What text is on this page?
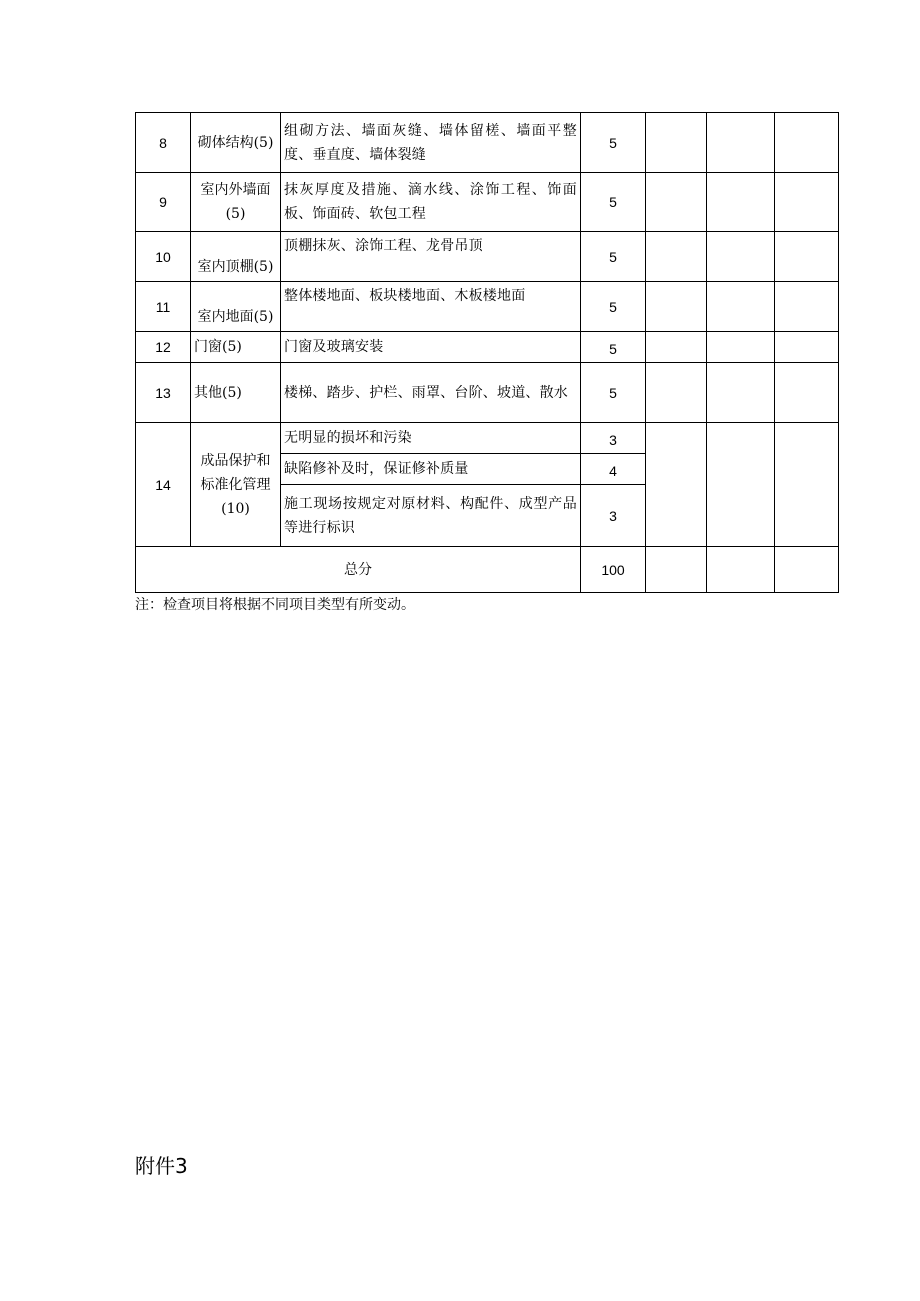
8	砌体结构(5)	组砌方法、墙面灰缝、墙体留槎、墙面平整度、垂直度、墙体裂缝	5			
9	室内外墙面(5)	抹灰厚度及措施、滴水线、涂饰工程、饰面板、饰面砖、软包工程	5			
10	室内顶棚(5)	顶棚抹灰、涂饰工程、龙骨吊顶	5			
11	室内地面(5)	整体楼地面、板块楼地面、木板楼地面	5			
12	门窗(5)	门窗及玻璃安装	5			
13	其他(5)	楼梯、踏步、护栏、雨罩、台阶、坡道、散水	5			
14	成品保护和标准化管理(10)	无明显的损坏和污染	3			
		缺陷修补及时，保证修补质量	4			
		施工现场按规定对原材料、构配件、成型产品等进行标识	3			
总分			100			
注：检查项目将根据不同项目类型有所变动。
附件3
